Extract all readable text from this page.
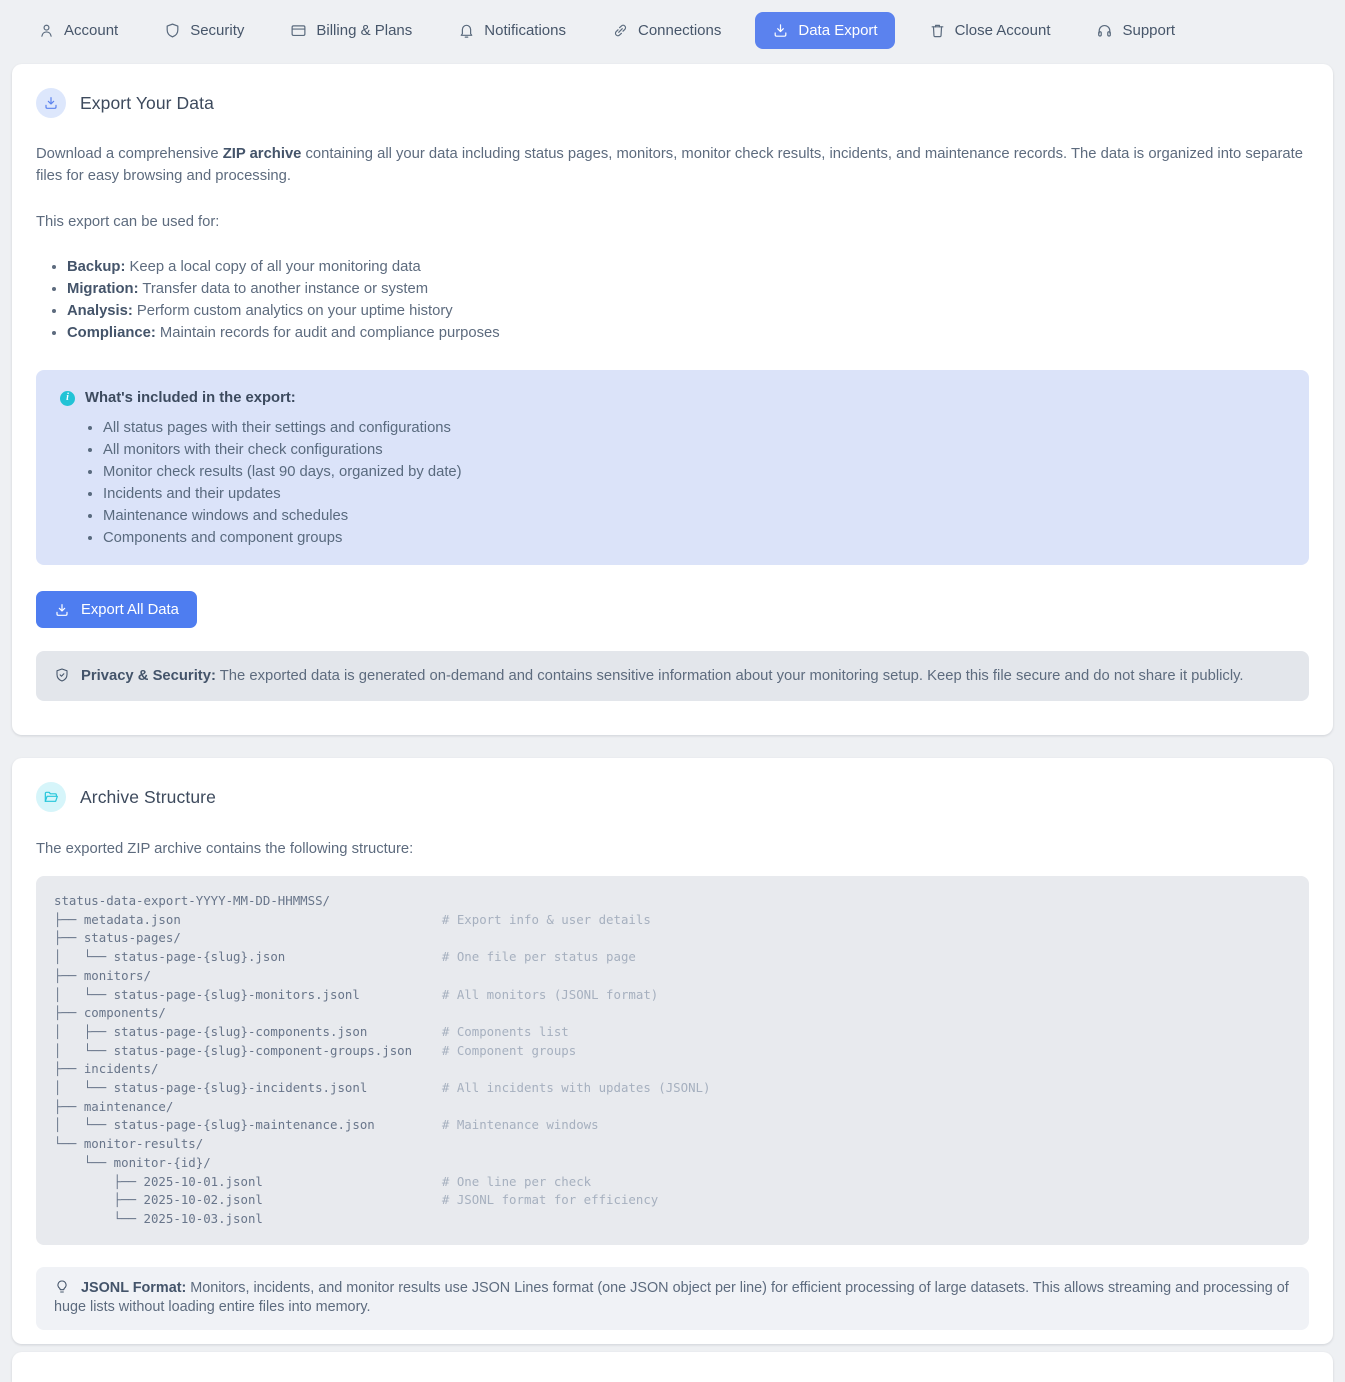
Account	Security	Billing & Plans	Notifications	Connections	Data Export	Close Account	Support
Export Your Data

Download a comprehensive ZIP archive containing all your data including status pages, monitors, monitor check results, incidents, and maintenance records. The data is organized into separate files for easy browsing and processing.

This export can be used for:

• Backup: Keep a local copy of all your monitoring data
• Migration: Transfer data to another instance or system
• Analysis: Perform custom analytics on your uptime history
• Compliance: Maintain records for audit and compliance purposes
i	What's included in the export:
• All status pages with their settings and configurations
• All monitors with their check configurations
• Monitor check results (last 90 days, organized by date)
• Incidents and their updates
• Maintenance windows and schedules
• Components and component groups
Export All Data
Privacy & Security: The exported data is generated on-demand and contains sensitive information about your monitoring setup. Keep this file secure and do not share it publicly.
Archive Structure

The exported ZIP archive contains the following structure:

status-data-export-YYYY-MM-DD-HHMMSS/
├── metadata.json                                   # Export info & user details
├── status-pages/
│   └── status-page-{slug}.json                     # One file per status page
├── monitors/
│   └── status-page-{slug}-monitors.jsonl           # All monitors (JSONL format)
├── components/
│   ├── status-page-{slug}-components.json          # Components list
│   └── status-page-{slug}-component-groups.json    # Component groups
├── incidents/
│   └── status-page-{slug}-incidents.jsonl          # All incidents with updates (JSONL)
├── maintenance/
│   └── status-page-{slug}-maintenance.json         # Maintenance windows
└── monitor-results/
└── monitor-{id}/
├── 2025-10-01.jsonl                        # One line per check
├── 2025-10-02.jsonl                        # JSONL format for efficiency
└── 2025-10-03.jsonl
JSONL Format: Monitors, incidents, and monitor results use JSON Lines format (one JSON object per line) for efficient processing of large datasets. This allows streaming and processing of huge lists without loading entire files into memory.
